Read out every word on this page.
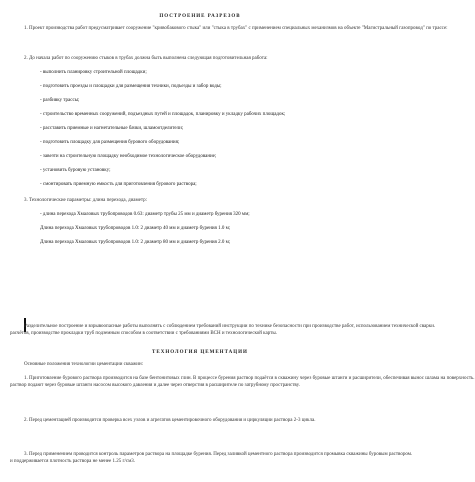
ПОСТРОЕНИЕ РАЗРЕЗОВ
1. Проект производства работ предусматривает сооружение "кривобакового стыка" или "стыка в трубах" с применением специальных механизмов на объекте "Магистральный газопровод" по трассе:
2. До начала работ по сооружению стыков в трубах должна быть выполнена следующая подготовительная работа:
- выполнить планировку строительной площадки;
- подготовить проезды и площадки для размещения техники, подъезды и забор воды;
- разбивку трассы;
- строительство временных сооружений, подъездных путей и площадок, планировку и укладку рабочих площадок;
- расставить приемные и нагнетательные бачки, шламоотделители;
- подготовить площадку для размещения бурового оборудования;
- завезти на строительную площадку необходимое технологическое оборудование;
- установить буровую установку;
- смонтировать приемную емкость для приготовления бурового раствора;
3. Технологические параметры: длина перехода, диаметр:
- длина перехода Хмаловых трубопроводов 0.63: диаметр трубы 25 мм и диаметр бурения 320 мм;
Длина перехода Хмаловых трубопроводов 1.0: 2 диаметр 40 мм и диаметр бурения 1.0 м;
Длина перехода Хмаловых трубопроводов 1.0: 2 диаметр 80 мм и диаметр бурения 2.0 м;
Разделительное построение и взрывоопасные работы выполнять с соблюдением требований инструкции по технике безопасности при производстве работ, использованием технической сварки.
расчётов, производстве прокладки труб подземным способом в соответствии с требованиями ВСН и технологической карты.
ТЕХНОЛОГИЯ ЦЕМЕНТАЦИИ
Основные положения технологии цементации скважин:
1. Приготовление бурового раствора производится на базе бентонитовых глин. В процессе бурения раствор подаётся в скважину через буровые штанги и расширители, обеспечивая вынос шлама на поверхность.
раствор подают через буровые штанги насосом высокого давления и далее через отверстия в расширителе по затрубному пространству.
2. Перед цементацией производится проверка всех узлов и агрегатов цементировочного оборудования и циркуляции раствора 2-3 цикла.
3. Перед применением проводится контроль параметров раствора на площадке бурения. Перед заливкой цементного раствора производится промывка скважины буровым раствором.
и поддерживается плотность раствора не менее 1.25 г/см3.
